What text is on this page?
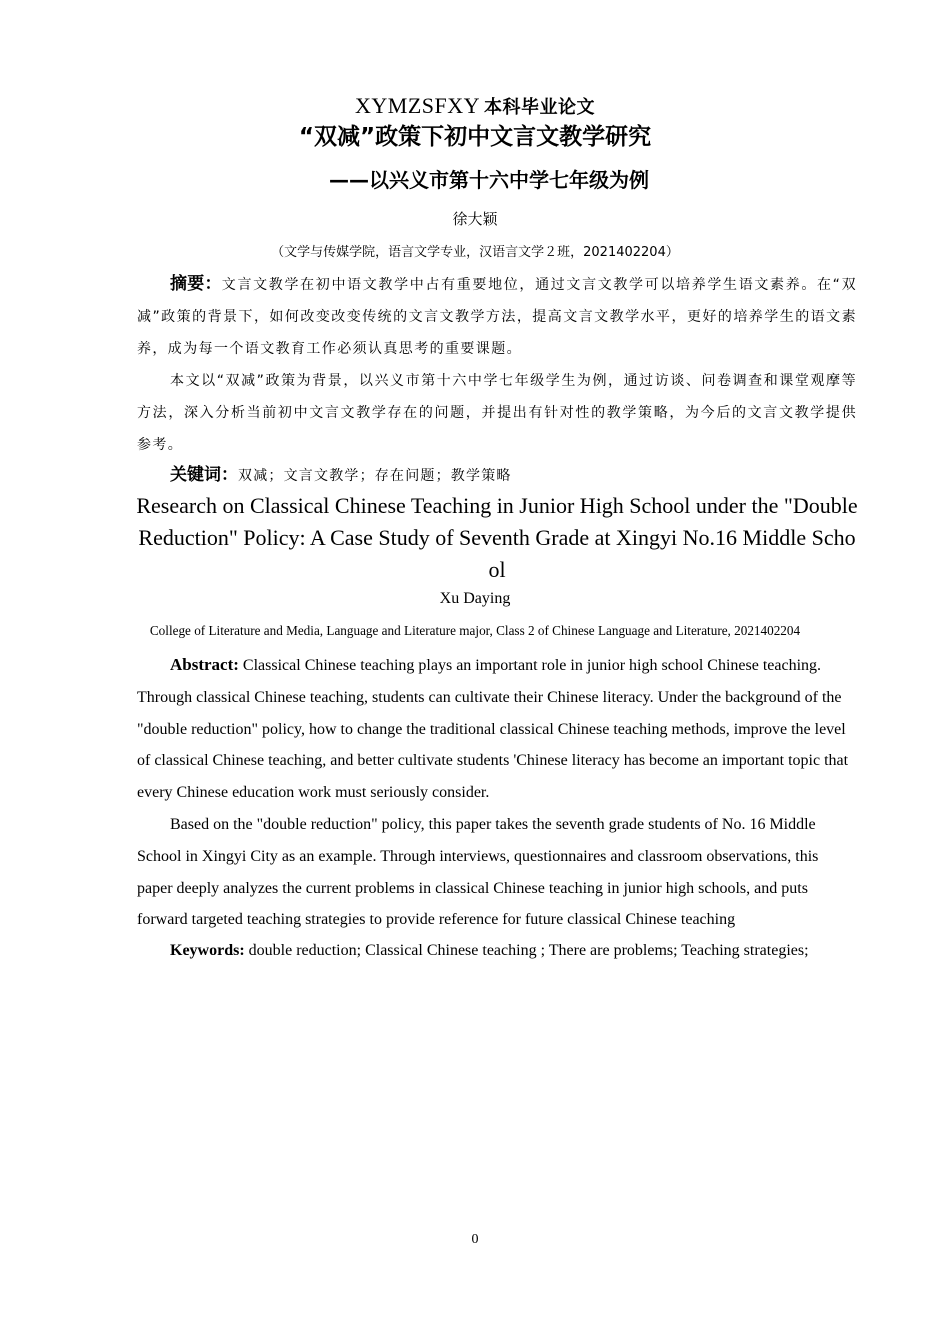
XYMZSFXY 本科毕业论文
“双减”政策下初中文言文教学研究
——以兴义市第十六中学七年级为例
徐大颖
（文学与传媒学院，语言文学专业，汉语言文学２班，2021402204）

摘要：文言文教学在初中语文教学中占有重要地位，通过文言文教学可以培养学生语文素养。在“双减”政策的背景下，如何改变改变传统的文言文教学方法，提高文言文教学水平，更好的培养学生的语文素养，成为每一个语文教育工作必须认真思考的重要课题。

本文以“双减”政策为背景，以兴义市第十六中学七年级学生为例，通过访谈、问卷调查和课堂观摩等方法，深入分析当前初中文言文教学存在的问题，并提出有针对性的教学策略，为今后的文言文教学提供参考。

关键词：双减；文言文教学；存在问题；教学策略
Research on Classical Chinese Teaching in Junior High School under the "Double Reduction" Policy: A Case Study of Seventh Grade at Xingyi No.16 Middle School
Xu Daying
College of Literature and Media, Language and Literature major, Class 2 of Chinese Language and Literature, 2021402204

Abstract: Classical Chinese teaching plays an important role in junior high school Chinese teaching. Through classical Chinese teaching, students can cultivate their Chinese literacy. Under the background of the "double reduction" policy, how to change the traditional classical Chinese teaching methods, improve the level of classical Chinese teaching, and better cultivate students 'Chinese literacy has become an important topic that every Chinese education work must seriously consider.

Based on the "double reduction" policy, this paper takes the seventh grade students of No. 16 Middle School in Xingyi City as an example. Through interviews, questionnaires and classroom observations, this paper deeply analyzes the current problems in classical Chinese teaching in junior high schools, and puts forward targeted teaching strategies to provide reference for future classical Chinese teaching

Keywords: double reduction; Classical Chinese teaching ; There are problems; Teaching strategies;
0
